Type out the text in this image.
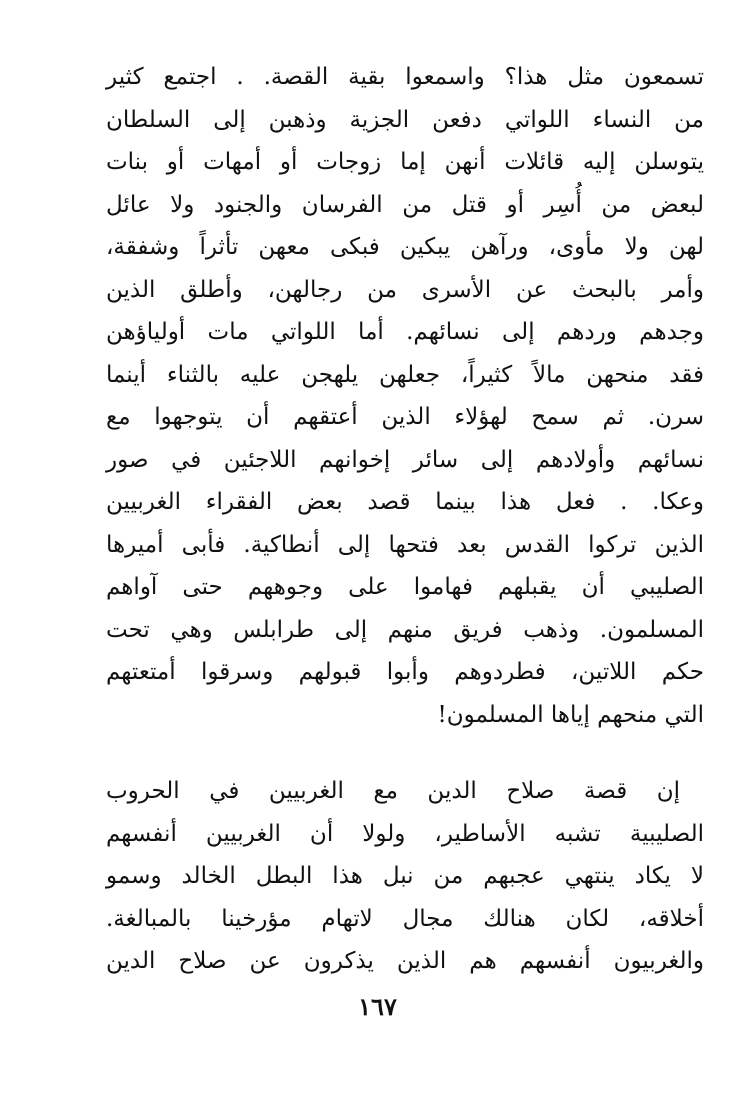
تسمعون مثل هذا؟ واسمعوا بقية القصة. . اجتمع كثير
من النساء اللواتي دفعن الجزية وذهبن إلى السلطان
يتوسلن إليه قائلات أنهن إما زوجات أو أمهات أو بنات
لبعض من أُسِر أو قتل من الفرسان والجنود ولا عائل
لهن ولا مأوى، ورآهن يبكين فبكى معهن تأثراً وشفقة،
وأمر بالبحث عن الأسرى من رجالهن، وأطلق الذين
وجدهم وردهم إلى نسائهم. أما اللواتي مات أولياؤهن
فقد منحهن مالاً كثيراً، جعلهن يلهجن عليه بالثناء أينما
سرن. ثم سمح لهؤلاء الذين أعتقهم أن يتوجهوا مع
نسائهم وأولادهم إلى سائر إخوانهم اللاجئين في صور
وعكا. . فعل هذا بينما قصد بعض الفقراء الغربيين
الذين تركوا القدس بعد فتحها إلى أنطاكية. فأبى أميرها
الصليبي أن يقبلهم فهاموا على وجوههم حتى آواهم
المسلمون. وذهب فريق منهم إلى طرابلس وهي تحت
حكم اللاتين، فطردوهم وأبوا قبولهم وسرقوا أمتعتهم
التي منحهم إياها المسلمون!
إن قصة صلاح الدين مع الغربيين في الحروب
الصليبية تشبه الأساطير، ولولا أن الغربيين أنفسهم
لا يكاد ينتهي عجبهم من نبل هذا البطل الخالد وسمو
أخلاقه، لكان هنالك مجال لاتهام مؤرخينا بالمبالغة.
والغربيون أنفسهم هم الذين يذكرون عن صلاح الدين
١٦٧
